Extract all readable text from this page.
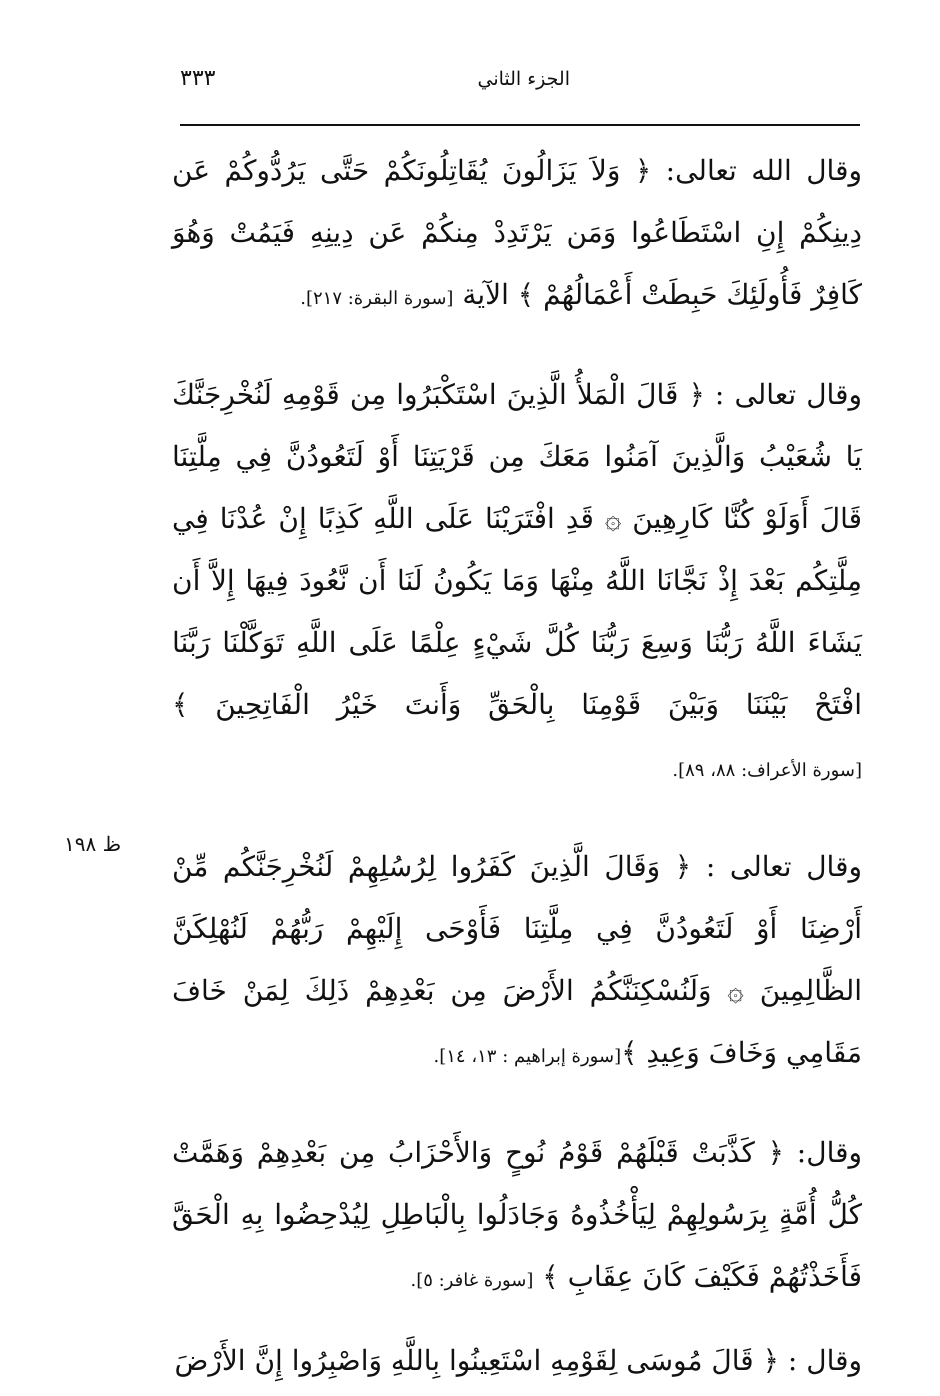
الجزء الثاني
٣٣٣
ظ ١٩٨

وقال الله تعالى: ﴿ وَلاَ يَزَالُونَ يُقَاتِلُونَكُمْ حَتَّى يَرُدُّوكُمْ عَن دِينِكُمْ إِنِ اسْتَطَاعُوا وَمَن يَرْتَدِدْ مِنكُمْ عَن دِينِهِ فَيَمُتْ وَهُوَ كَافِرٌ فَأُولَئِكَ حَبِطَتْ أَعْمَالُهُمْ ﴾ الآية [سورة البقرة: ٢١٧].

وقال تعالى : ﴿ قَالَ الْمَلأُ الَّذِينَ اسْتَكْبَرُوا مِن قَوْمِهِ لَنُخْرِجَنَّكَ يَا شُعَيْبُ وَالَّذِينَ آمَنُوا مَعَكَ مِن قَرْيَتِنَا أَوْ لَتَعُودُنَّ فِي مِلَّتِنَا قَالَ أَوَلَوْ كُنَّا كَارِهِينَ ۞ قَدِ افْتَرَيْنَا عَلَى اللَّهِ كَذِبًا إِنْ عُدْنَا فِي مِلَّتِكُم بَعْدَ إِذْ نَجَّانَا اللَّهُ مِنْهَا وَمَا يَكُونُ لَنَا أَن نَّعُودَ فِيهَا إِلاَّ أَن يَشَاءَ اللَّهُ رَبُّنَا وَسِعَ رَبُّنَا كُلَّ شَيْءٍ عِلْمًا عَلَى اللَّهِ تَوَكَّلْنَا رَبَّنَا افْتَحْ بَيْنَنَا وَبَيْنَ قَوْمِنَا بِالْحَقِّ وَأَنتَ خَيْرُ الْفَاتِحِينَ ﴾ [سورة الأعراف: ٨٨، ٨٩].

وقال تعالى : ﴿ وَقَالَ الَّذِينَ كَفَرُوا لِرُسُلِهِمْ لَنُخْرِجَنَّكُم مِّنْ أَرْضِنَا أَوْ لَتَعُودُنَّ فِي مِلَّتِنَا فَأَوْحَى إِلَيْهِمْ رَبُّهُمْ لَنُهْلِكَنَّ الظَّالِمِينَ ۞ وَلَنُسْكِنَنَّكُمُ الأَرْضَ مِن بَعْدِهِمْ ذَلِكَ لِمَنْ خَافَ مَقَامِي وَخَافَ وَعِيدِ ﴾[سورة إبراهيم : ١٣، ١٤].

وقال: ﴿ كَذَّبَتْ قَبْلَهُمْ قَوْمُ نُوحٍ وَالأَحْزَابُ مِن بَعْدِهِمْ وَهَمَّتْ كُلُّ أُمَّةٍ بِرَسُولِهِمْ لِيَأْخُذُوهُ وَجَادَلُوا بِالْبَاطِلِ لِيُدْحِضُوا بِهِ الْحَقَّ فَأَخَذْتُهُمْ فَكَيْفَ كَانَ عِقَابِ ﴾ [سورة غافر: ٥].

وقال : ﴿ قَالَ مُوسَى لِقَوْمِهِ اسْتَعِينُوا بِاللَّهِ وَاصْبِرُوا إِنَّ الأَرْضَ
